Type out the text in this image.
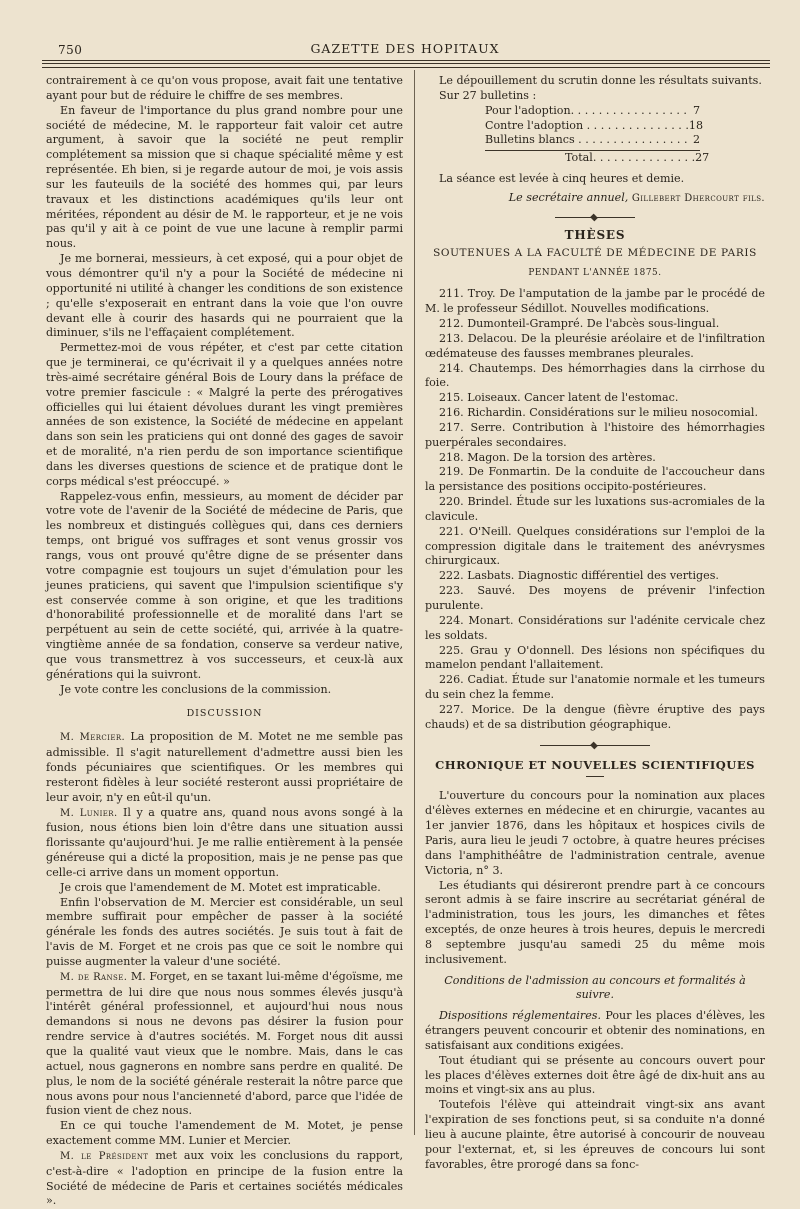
750	GAZETTE DES HOPITAUX

contrairement à ce qu'on vous propose, avait fait une tentative ayant pour but de réduire le chiffre de ses membres.

En faveur de l'importance du plus grand nombre pour une société de médecine, M. le rapporteur fait valoir cet autre argument, à savoir que la société ne peut remplir complétement sa mission que si chaque spécialité même y est représentée. Eh bien, si je regarde autour de moi, je vois assis sur les fauteuils de la société des hommes qui, par leurs travaux et les distinctions académiques qu'ils leur ont méritées, répondent au désir de M. le rapporteur, et je ne vois pas qu'il y ait à ce point de vue une lacune à remplir parmi nous.

Je me bornerai, messieurs, à cet exposé, qui a pour objet de vous démontrer qu'il n'y a pour la Société de médecine ni opportunité ni utilité à changer les conditions de son existence ; qu'elle s'exposerait en entrant dans la voie que l'on ouvre devant elle à courir des hasards qui ne pourraient que la diminuer, s'ils ne l'effaçaient complétement.

Permettez-moi de vous répéter, et c'est par cette citation que je terminerai, ce qu'écrivait il y a quelques années notre très-aimé secrétaire général Bois de Loury dans la préface de votre premier fascicule : « Malgré la perte des prérogatives officielles qui lui étaient dévolues durant les vingt premières années de son existence, la Société de médecine en appelant dans son sein les praticiens qui ont donné des gages de savoir et de moralité, n'a rien perdu de son importance scientifique dans les diverses questions de science et de pratique dont le corps médical s'est préoccupé. »

Rappelez-vous enfin, messieurs, au moment de décider par votre vote de l'avenir de la Société de médecine de Paris, que les nombreux et distingués collègues qui, dans ces derniers temps, ont brigué vos suffrages et sont venus grossir vos rangs, vous ont prouvé qu'être digne de se présenter dans votre compagnie est toujours un sujet d'émulation pour les jeunes praticiens, qui savent que l'impulsion scientifique s'y est conservée comme à son origine, et que les traditions d'honorabilité professionnelle et de moralité dans l'art se perpétuent au sein de cette société, qui, arrivée à la quatre-vingtième année de sa fondation, conserve sa verdeur native, que vous transmettrez à vos successeurs, et ceux-là aux générations qui la suivront.

Je vote contre les conclusions de la commission.

DISCUSSION

M. Mercier. La proposition de M. Motet ne me semble pas admissible. Il s'agit naturellement d'admettre aussi bien les fonds pécuniaires que scientifiques. Or les membres qui resteront fidèles à leur société resteront aussi propriétaire de leur avoir, n'y en eût-il qu'un.

M. Lunier. Il y a quatre ans, quand nous avons songé à la fusion, nous étions bien loin d'être dans une situation aussi florissante qu'aujourd'hui. Je me rallie entièrement à la pensée généreuse qui a dicté la proposition, mais je ne pense pas que celle-ci arrive dans un moment opportun.

Je crois que l'amendement de M. Motet est impraticable.

Enfin l'observation de M. Mercier est considérable, un seul membre suffirait pour empêcher de passer à la société générale les fonds des autres sociétés. Je suis tout à fait de l'avis de M. Forget et ne crois pas que ce soit le nombre qui puisse augmenter la valeur d'une société.

M. de Ranse. M. Forget, en se taxant lui-même d'égoïsme, me permettra de lui dire que nous nous sommes élevés jusqu'à l'intérêt général professionnel, et aujourd'hui nous nous demandons si nous ne devons pas désirer la fusion pour rendre service à d'autres sociétés. M. Forget nous dit aussi que la qualité vaut vieux que le nombre. Mais, dans le cas actuel, nous gagnerons en nombre sans perdre en qualité. De plus, le nom de la société générale resterait la nôtre parce que nous avons pour nous l'ancienneté d'abord, parce que l'idée de fusion vient de chez nous.

En ce qui touche l'amendement de M. Motet, je pense exactement comme MM. Lunier et Mercier.

M. le Président met aux voix les conclusions du rapport, c'est-à-dire « l'adoption en principe de la fusion entre la Société de médecine de Paris et certaines sociétés médicales ».

Le dépouillement du scrutin donne les résultats suivants.

Sur 27 bulletins :

Pour l'adoption. . . . . . . . . . . . . . . . . 7
Contre l'adoption . . . . . . . . . . . . . . . 18
Bulletins blancs . . . . . . . . . . . . . . . . 2
Total. . . . . . . . . . . . . . . 27

La séance est levée à cinq heures et demie.

Le secrétaire annuel, Gillebert Dhercourt fils.

THÈSES

SOUTENUES A LA FACULTÉ DE MÉDECINE DE PARIS

PENDANT L'ANNÉE 1875.

211. Troy. De l'amputation de la jambe par le procédé de M. le professeur Sédillot. Nouvelles modifications.

212. Dumonteil-Grampré. De l'abcès sous-lingual.

213. Delacou. De la pleurésie aréolaire et de l'infiltration œdémateuse des fausses membranes pleurales.

214. Chautemps. Des hémorrhagies dans la cirrhose du foie.

215. Loiseaux. Cancer latent de l'estomac.

216. Richardin. Considérations sur le milieu nosocomial.

217. Serre. Contribution à l'histoire des hémorrhagies puerpérales secondaires.

218. Magon. De la torsion des artères.

219. De Fonmartin. De la conduite de l'accoucheur dans la persistance des positions occipito-postérieures.

220. Brindel. Étude sur les luxations sus-acromiales de la clavicule.

221. O'Neill. Quelques considérations sur l'emploi de la compression digitale dans le traitement des anévrysmes chirurgicaux.

222. Lasbats. Diagnostic différentiel des vertiges.

223. Sauvé. Des moyens de prévenir l'infection purulente.

224. Monart. Considérations sur l'adénite cervicale chez les soldats.

225. Grau y O'donnell. Des lésions non spécifiques du mamelon pendant l'allaitement.

226. Cadiat. Étude sur l'anatomie normale et les tumeurs du sein chez la femme.

227. Morice. De la dengue (fièvre éruptive des pays chauds) et de sa distribution géographique.

CHRONIQUE ET NOUVELLES SCIENTIFIQUES

L'ouverture du concours pour la nomination aux places d'élèves externes en médecine et en chirurgie, vacantes au 1er janvier 1876, dans les hôpitaux et hospices civils de Paris, aura lieu le jeudi 7 octobre, à quatre heures précises dans l'amphithéâtre de l'administration centrale, avenue Victoria, n° 3.

Les étudiants qui désireront prendre part à ce concours seront admis à se faire inscrire au secrétariat général de l'administration, tous les jours, les dimanches et fêtes exceptés, de onze heures à trois heures, depuis le mercredi 8 septembre jusqu'au samedi 25 du même mois inclusivement.

Conditions de l'admission au concours et formalités à suivre.

Dispositions réglementaires. Pour les places d'élèves, les étrangers peuvent concourir et obtenir des nominations, en satisfaisant aux conditions exigées.

Tout étudiant qui se présente au concours ouvert pour les places d'élèves externes doit être âgé de dix-huit ans au moins et vingt-six ans au plus.

Toutefois l'élève qui atteindrait vingt-six ans avant l'expiration de ses fonctions peut, si sa conduite n'a donné lieu à aucune plainte, être autorisé à concourir de nouveau pour l'externat, et, si les épreuves de concours lui sont favorables, être prorogé dans sa fonc-
